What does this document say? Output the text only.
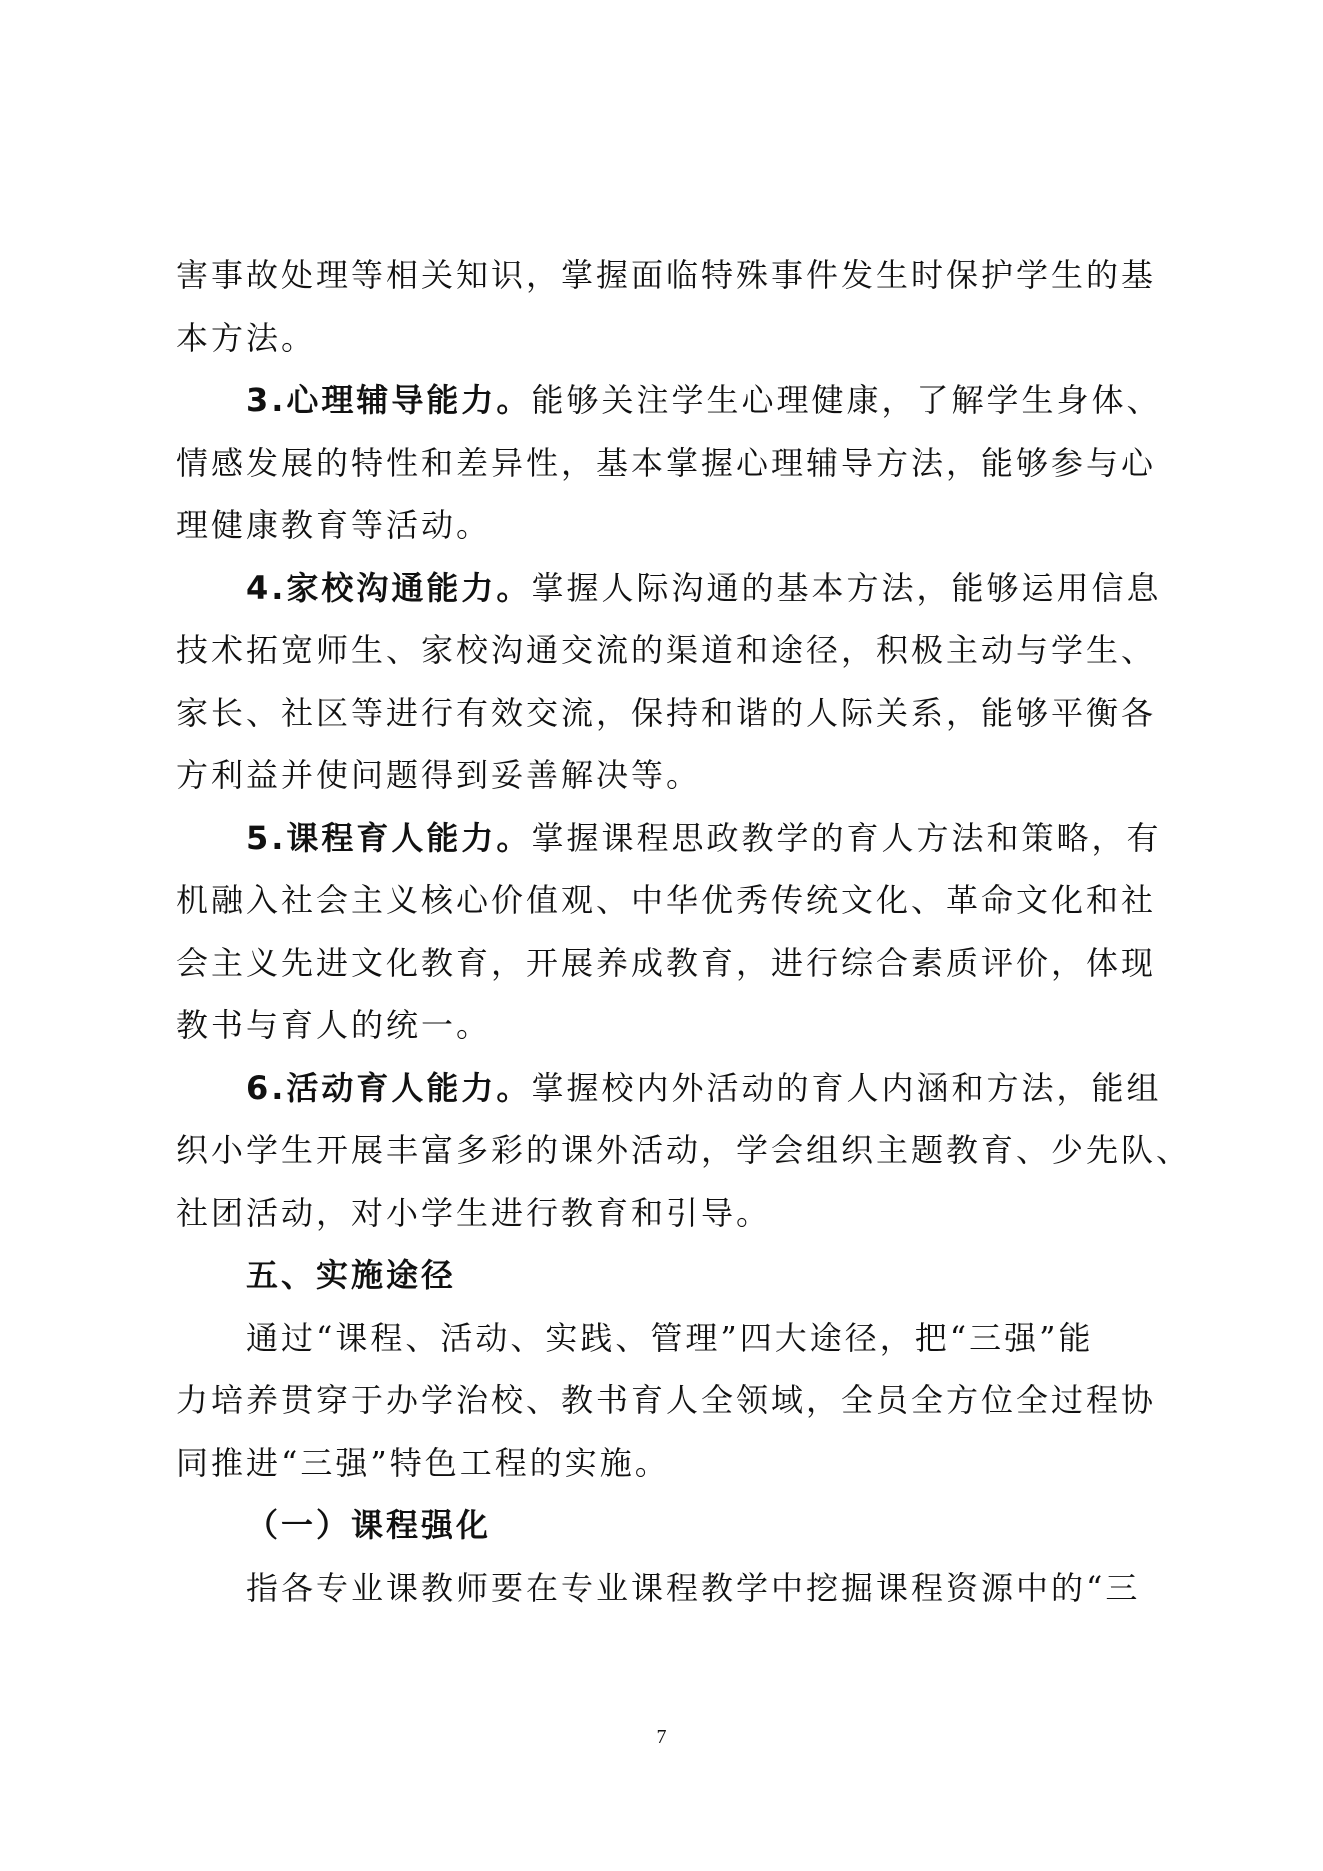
害事故处理等相关知识，掌握面临特殊事件发生时保护学生的基
本方法。
3.心理辅导能力。能够关注学生心理健康，了解学生身体、
情感发展的特性和差异性，基本掌握心理辅导方法，能够参与心
理健康教育等活动。
4.家校沟通能力。掌握人际沟通的基本方法，能够运用信息
技术拓宽师生、家校沟通交流的渠道和途径，积极主动与学生、
家长、社区等进行有效交流，保持和谐的人际关系，能够平衡各
方利益并使问题得到妥善解决等。
5.课程育人能力。掌握课程思政教学的育人方法和策略，有
机融入社会主义核心价值观、中华优秀传统文化、革命文化和社
会主义先进文化教育，开展养成教育，进行综合素质评价，体现
教书与育人的统一。
6.活动育人能力。掌握校内外活动的育人内涵和方法，能组
织小学生开展丰富多彩的课外活动，学会组织主题教育、少先队、
社团活动，对小学生进行教育和引导。
五、实施途径
通过“课程、活动、实践、管理”四大途径，把“三强”能
力培养贯穿于办学治校、教书育人全领域，全员全方位全过程协
同推进“三强”特色工程的实施。
（一）课程强化
指各专业课教师要在专业课程教学中挖掘课程资源中的“三
7
